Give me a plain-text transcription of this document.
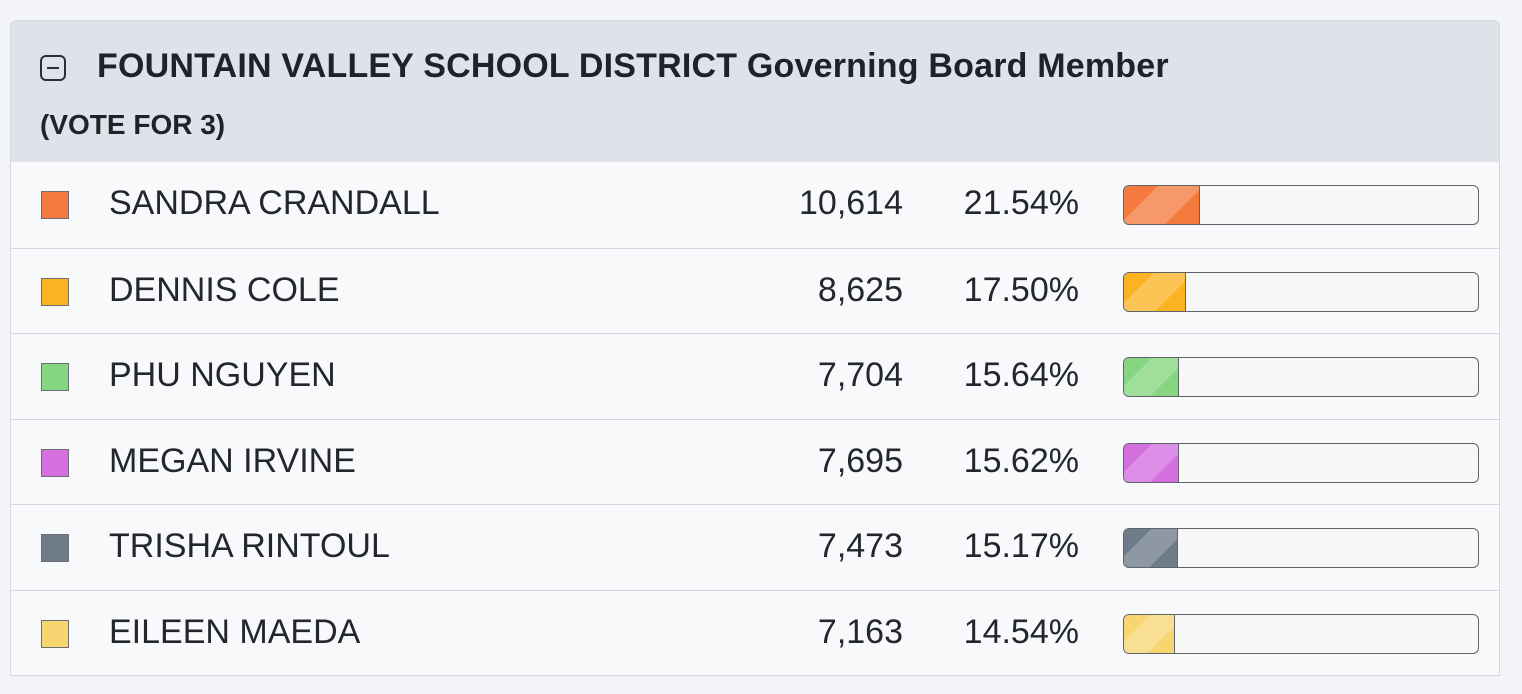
FOUNTAIN VALLEY SCHOOL DISTRICT Governing Board Member
(VOTE FOR 3)
SANDRA CRANDALL	10,614 21.54%
DENNIS COLE	8,625 17.50%
PHU NGUYEN	7,704 15.64%
MEGAN IRVINE	7,695 15.62%
TRISHA RINTOUL	7,473 15.17%
EILEEN MAEDA	7,163 14.54%
